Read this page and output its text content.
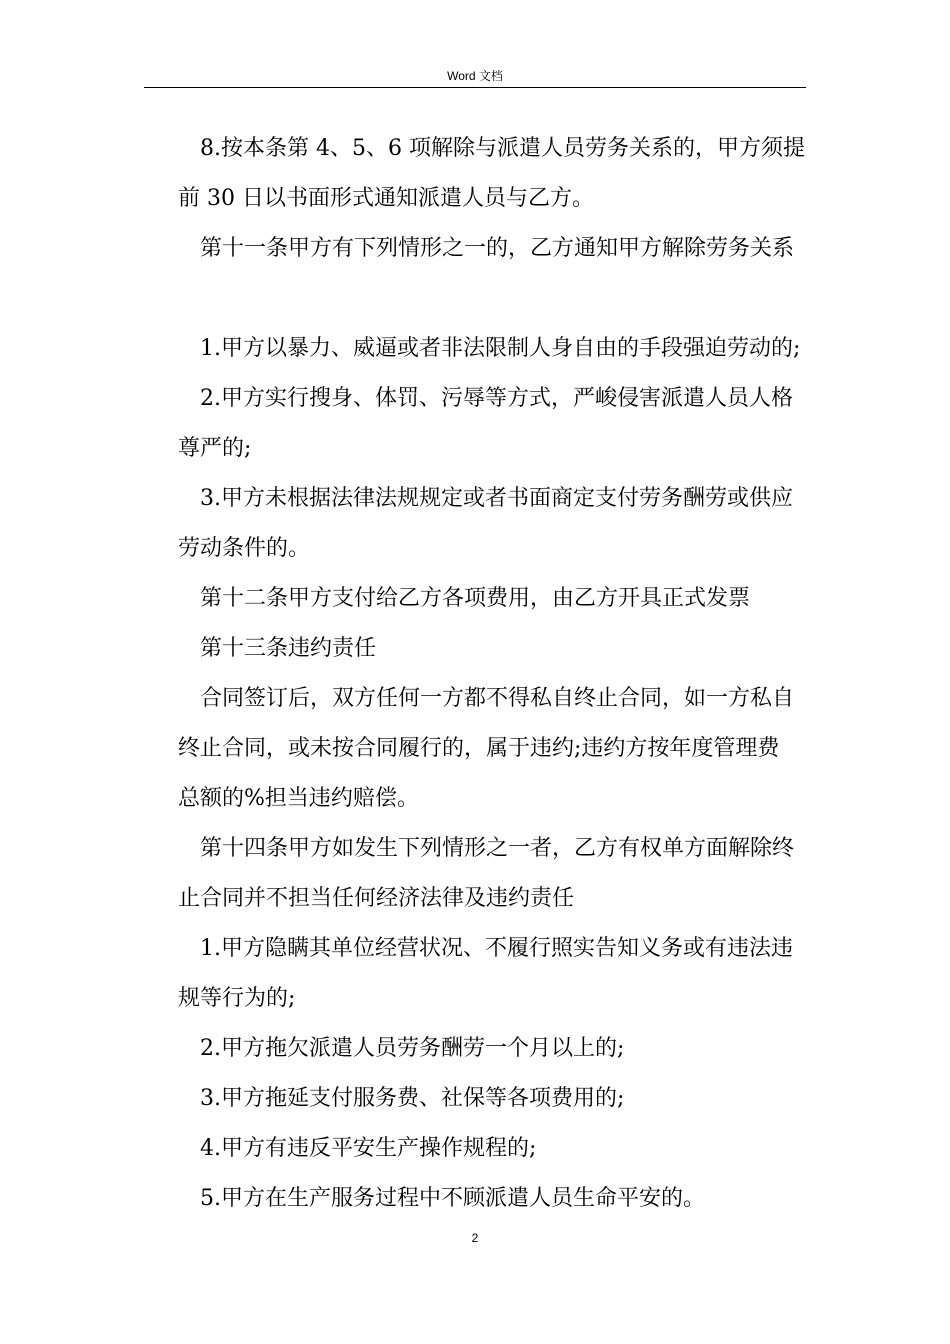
Word 文档
8.按本条第 4、5、6 项解除与派遣人员劳务关系的，甲方须提
前 30 日以书面形式通知派遣人员与乙方。
第十一条甲方有下列情形之一的，乙方通知甲方解除劳务关系
1.甲方以暴力、威逼或者非法限制人身自由的手段强迫劳动的;
2.甲方实行搜身、体罚、污辱等方式，严峻侵害派遣人员人格
尊严的;
3.甲方未根据法律法规规定或者书面商定支付劳务酬劳或供应
劳动条件的。
第十二条甲方支付给乙方各项费用，由乙方开具正式发票
第十三条违约责任
合同签订后，双方任何一方都不得私自终止合同，如一方私自
终止合同，或未按合同履行的，属于违约;违约方按年度管理费
总额的%担当违约赔偿。
第十四条甲方如发生下列情形之一者，乙方有权单方面解除终
止合同并不担当任何经济法律及违约责任
1.甲方隐瞒其单位经营状况、不履行照实告知义务或有违法违
规等行为的;
2.甲方拖欠派遣人员劳务酬劳一个月以上的;
3.甲方拖延支付服务费、社保等各项费用的;
4.甲方有违反平安生产操作规程的;
5.甲方在生产服务过程中不顾派遣人员生命平安的。
2
